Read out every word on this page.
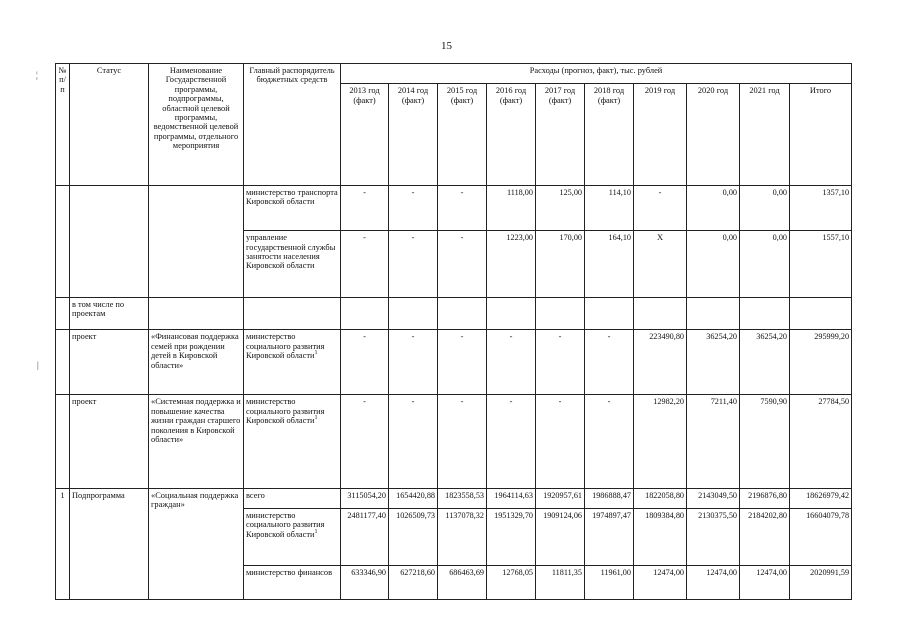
15
¦
|
№ п/п	Статус	Наименование Государственной программы, подпрограммы, областной целевой программы, ведомственной целевой программы, отдельного мероприятия	Главный распорядитель бюджетных средств	Расходы (прогноз, факт), тыс. рублей									
				2013 год (факт)	2014 год (факт)	2015 год (факт)	2016 год (факт)	2017 год (факт)	2018 год (факт)	2019 год	2020 год	2021 год	Итого
			министерство транспорта Кировской области	-	-	-	1118,00	125,00	114,10	-	0,00	0,00	1357,10
			управление государственной службы занятости населения Кировской области	-	-	-	1223,00	170,00	164,10	X	0,00	0,00	1557,10
	в том числе по проектам												
	проект	«Финансовая поддержка семей при рождении детей в Кировской области»	министерство социального развития Кировской области$^1$	-	-	-	-	-	-	223490,80	36254,20	36254,20	295999,20
	проект	«Системная поддержка и повышение качества жизни граждан старшего поколения в Кировской области»	министерство социального развития Кировской области$^1$	-	-	-	-	-	-	12982,20	7211,40	7590,90	27784,50
1	Подпрограмма	«Социальная поддержка граждан»	всего	3115054,20	1654420,88	1823558,53	1964114,63	1920957,61	1986888,47	1822058,80	2143049,50	2196876,80	18626979,42
			министерство социального развития Кировской области$^1$	2481177,40	1026509,73	1137078,32	1951329,70	1909124,06	1974897,47	1809384,80	2130375,50	2184202,80	16604079,78
			министерство финансов	633346,90	627218,60	686463,69	12768,05	11811,35	11961,00	12474,00	12474,00	12474,00	2020991,59
